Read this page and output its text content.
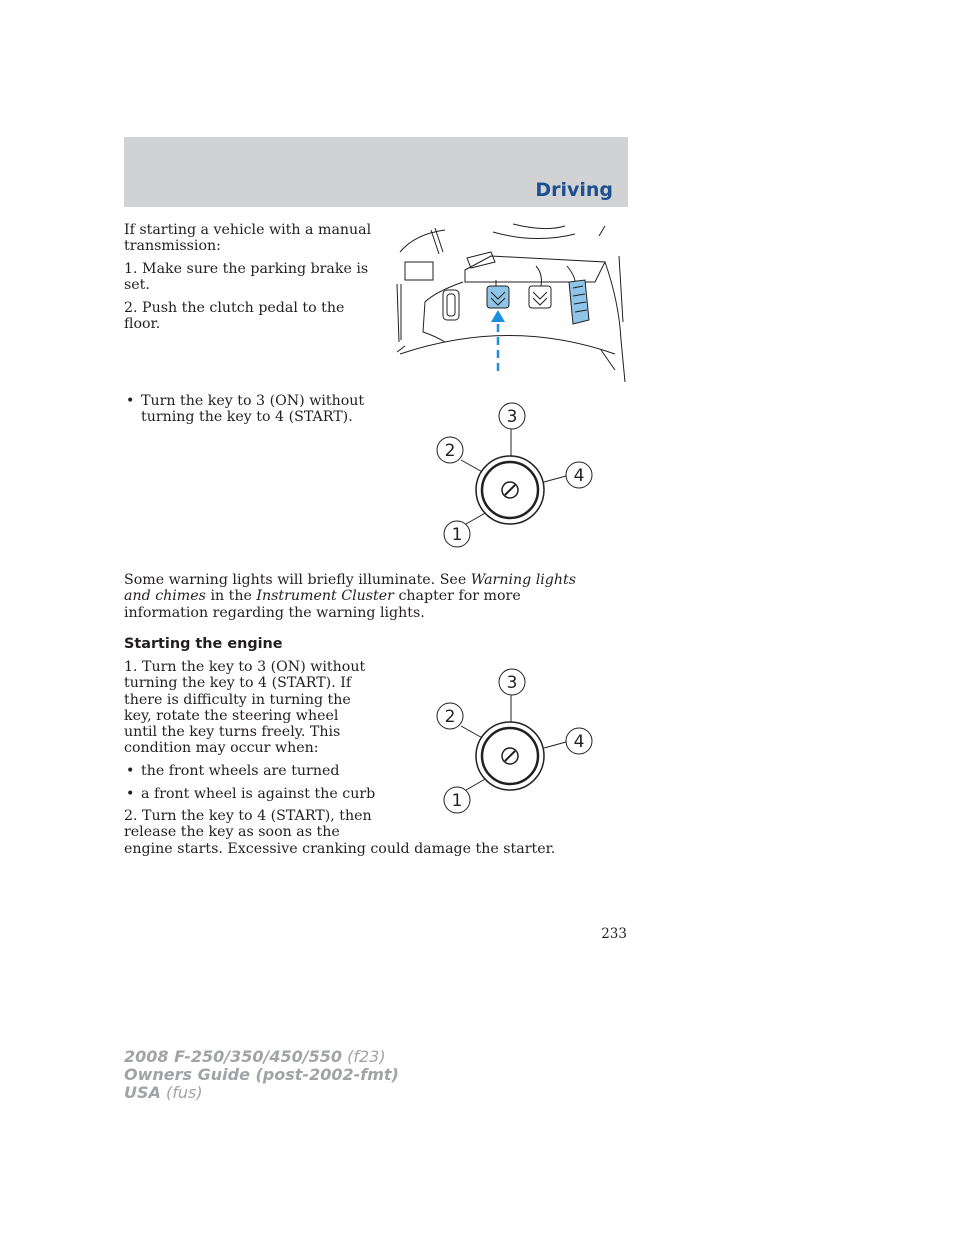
Driving

If starting a vehicle with a manual transmission:

1. Make sure the parking brake is set.

2. Push the clutch pedal to the floor.

• Turn the key to 3 (ON) without turning the key to 4 (START).	3
2
4
1

Some warning lights will briefly illuminate. See Warning lights and chimes in the Instrument Cluster chapter for more information regarding the warning lights.

Starting the engine

1. Turn the key to 3 (ON) without turning the key to 4 (START). If there is difficulty in turning the key, rotate the steering wheel until the key turns freely. This condition may occur when:

• the front wheels are turned
• a front wheel is against the curb

2. Turn the key to 4 (START), then release the key as soon as the

engine starts. Excessive cranking could damage the starter.

3
2
4
1
233
2008 F-250/350/450/550 (f23)
Owners Guide (post-2002-fmt)
USA (fus)
